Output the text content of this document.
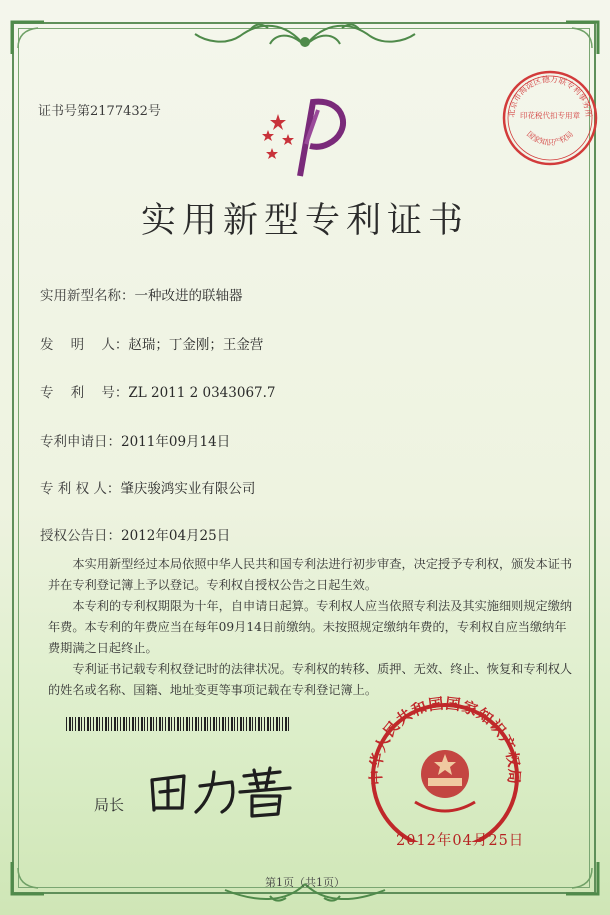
证书号第2177432号	北京市海淀区德万联专利事务所
印花税代扣专用章
国家知识产权局
实用新型专利证书
实用新型名称：一种改进的联轴器
发    明    人：赵瑞；丁金刚；王金营
专    利    号：ZL 2011 2 0343067.7
专利申请日：2011年09月14日
专 利 权 人：肇庆骏鸿实业有限公司
授权公告日：2012年04月25日

本实用新型经过本局依照中华人民共和国专利法进行初步审查，决定授予专利权，颁发本证书并在专利登记簿上予以登记。专利权自授权公告之日起生效。

本专利的专利权期限为十年，自申请日起算。专利权人应当依照专利法及其实施细则规定缴纳年费。本专利的年费应当在每年09月14日前缴纳。未按照规定缴纳年费的，专利权自应当缴纳年费期满之日起终止。

专利证书记载专利权登记时的法律状况。专利权的转移、质押、无效、终止、恢复和专利权人的姓名或名称、国籍、地址变更等事项记载在专利登记簿上。

局长
中华人民共和国国家知识产权局
2012年04月25日
第1页（共1页）
